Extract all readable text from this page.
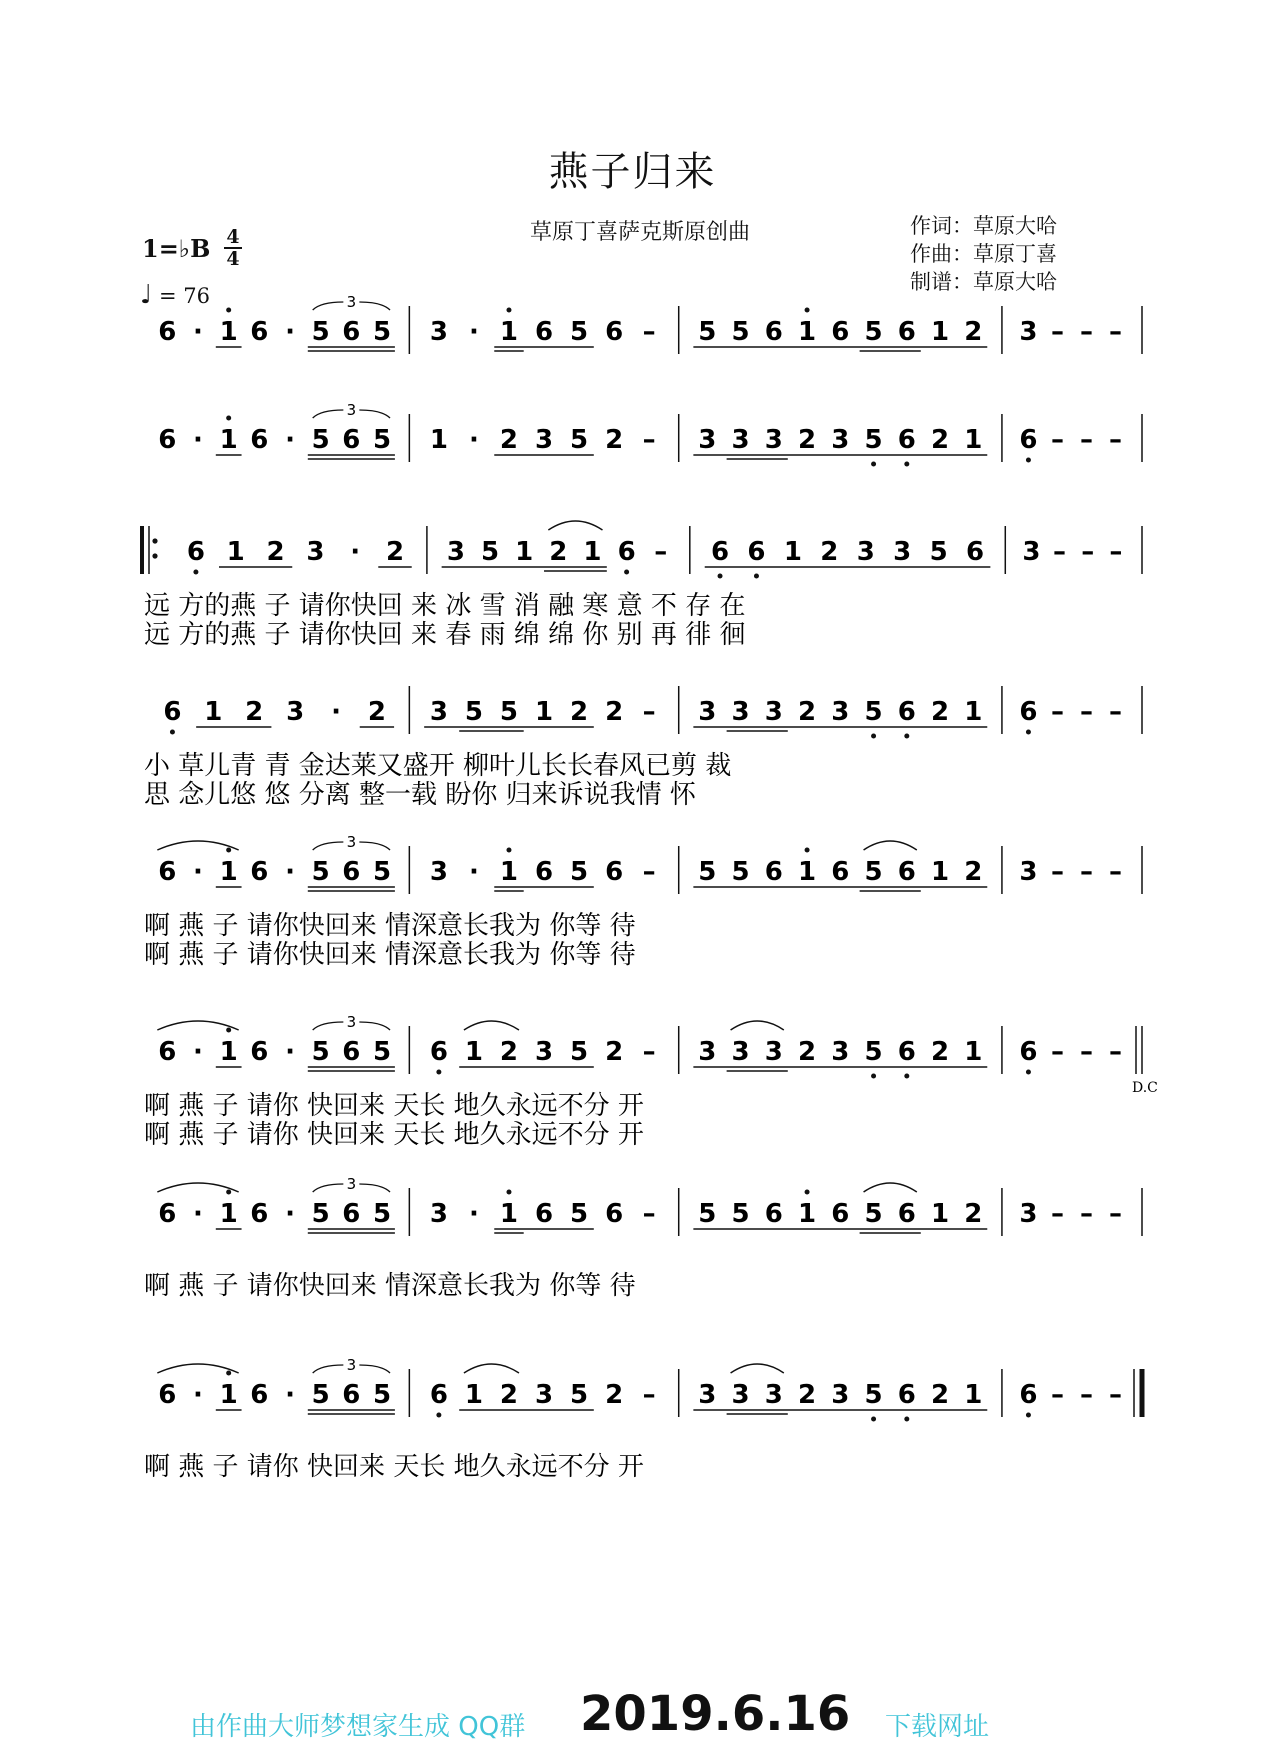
燕子归来
草原丁喜萨克斯原创曲	作词：草原大哈
作曲：草原丁喜
制谱：草原大哈
1=♭B 4
4
♩ = 76
6 · 1 6 · 5 6 5
3
3 · 1 6 5 6 – 5 5 6 1 6 5 6 1 2 3 – – –
6 · 1 6 · 5 6 5
3
1 · 2 3 5 2 – 3 3 3 2 3 5 6 2 1 6 – – –
6 1 2 3 · 2 3 5 1 2 1 6 – 6 6 1 2 3 3 5 6 3 – – –
远 方的燕 子 请你快回 来 冰 雪 消 融 寒 意 不 存 在
远 方的燕 子 请你快回 来 春 雨 绵 绵 你 别 再 徘 徊
6 1 2 3 · 2 3 5 5 1 2 2 – 3 3 3 2 3 5 6 2 1 6 – – –
小 草儿青 青 金达莱又盛开 柳叶儿长长春风已剪 裁
思 念儿悠 悠 分离 整一载 盼你 归来诉说我情 怀
6 · 1 6 · 5 6 5
3
3 · 1 6 5 6 – 5 5 6 1 6 5 6 1 2 3 – – –
啊 燕 子 请你快回来 情深意长我为 你等 待
啊 燕 子 请你快回来 情深意长我为 你等 待
6 · 1 6 · 5 6 5
3
6 1 2 3 5 2 – 3 3 3 2 3 5 6 2 1 6 – – –
D.C
啊 燕 子 请你 快回来 天长 地久永远不分 开
啊 燕 子 请你 快回来 天长 地久永远不分 开
6 · 1 6 · 5 6 5
3
3 · 1 6 5 6 – 5 5 6 1 6 5 6 1 2 3 – – –
啊 燕 子 请你快回来 情深意长我为 你等 待
6 · 1 6 · 5 6 5
3
6 1 2 3 5 2 – 3 3 3 2 3 5 6 2 1 6 – – –
啊 燕 子 请你 快回来 天长 地久永远不分 开
由作曲大师梦想家生成 QQ群 2019.6.16 下载网址
